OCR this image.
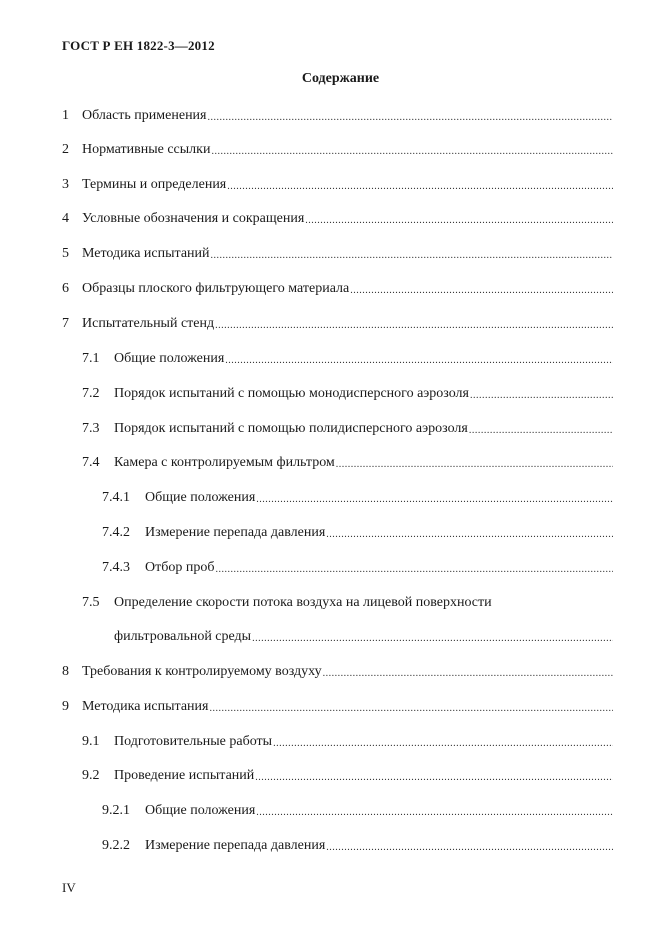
ГОСТ Р ЕН 1822-3—2012
Содержание
1 Область применения
.....
2 Нормативные ссылки
.....
3 Термины и определения
.....
4 Условные обозначения и сокращения
.....
5 Методика испытаний
.....
6 Образцы плоского фильтрующего материала
.....
7 Испытательный стенд
.....
7.1	Общие положения
.....
7.2	Порядок испытаний с помощью монодисперсного аэрозоля
.....
7.3	Порядок испытаний с помощью полидисперсного аэрозоля
.....
7.4	Камера с контролируемым фильтром
.....
7.4.1	Общие положения
.....
7.4.2	Измерение перепада давления
.....
7.4.3	Отбор проб
.....
7.5 Определение скорости потока воздуха на лицевой поверхности
фильтровальной среды
.....
8 Требования к контролируемому воздуху
.....
9 Методика испытания
.....
9.1	Подготовительные работы
.....
9.2	Проведение испытаний
.....
9.2.1	Общие положения
.....
9.2.2	Измерение перепада давления
.....
IV
